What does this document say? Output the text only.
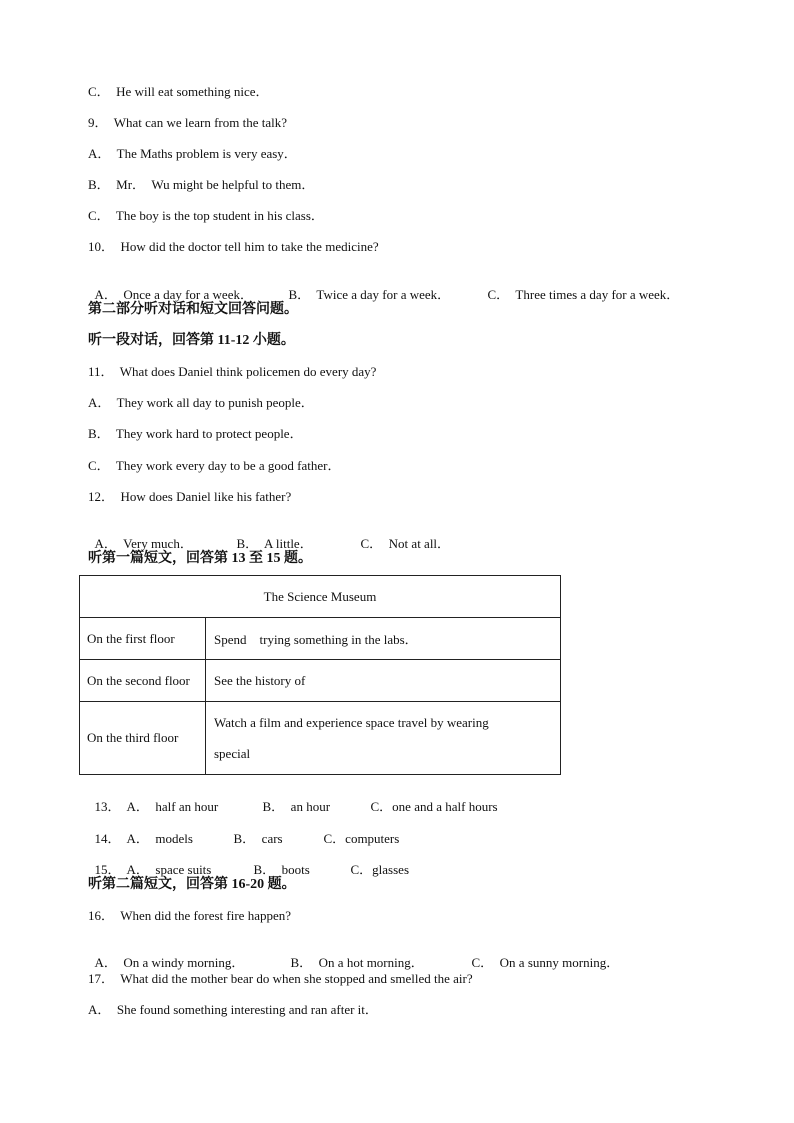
C．  He will eat something nice．
9．  What can we learn from the talk?
A．  The Maths problem is very easy．
B．  Mr．  Wu might be helpful to them．
C．  The boy is the top student in his class．
10．  How did the doctor tell him to take the medicine?

A．  Once a day for a week．	B．  Twice a day for a week．	C．  Three times a day for a week．

第二部分听对话和短文回答问题。
听一段对话，回答第 11-12 小题。
11．  What does Daniel think policemen do every day?
A．  They work all day to punish people．
B．  They work hard to protect people．
C．  They work every day to be a good father．
12．  How does Daniel like his father?

A．  Very much．	B．  A little．	C．  Not at all．

听第一篇短文，回答第 13 至 15 题。
The Science Museum	
On the first floor	Spend    trying something in the labs．
On the second floor	See the history of
On the third floor	Watch a film and experience space travel by wearing special

13． A．  half an hour	B．  an hour	C．one and a half hours

14． A．  models	B．  cars	C．computers

15． A．  space suits	B．  boots	C．glasses

听第二篇短文，回答第 16-20 题。
16．  When did the forest fire happen?

A．  On a windy morning．	B．  On a hot morning．	C．  On a sunny morning．

17．  What did the mother bear do when she stopped and smelled the air?
A．  She found something interesting and ran after it．
